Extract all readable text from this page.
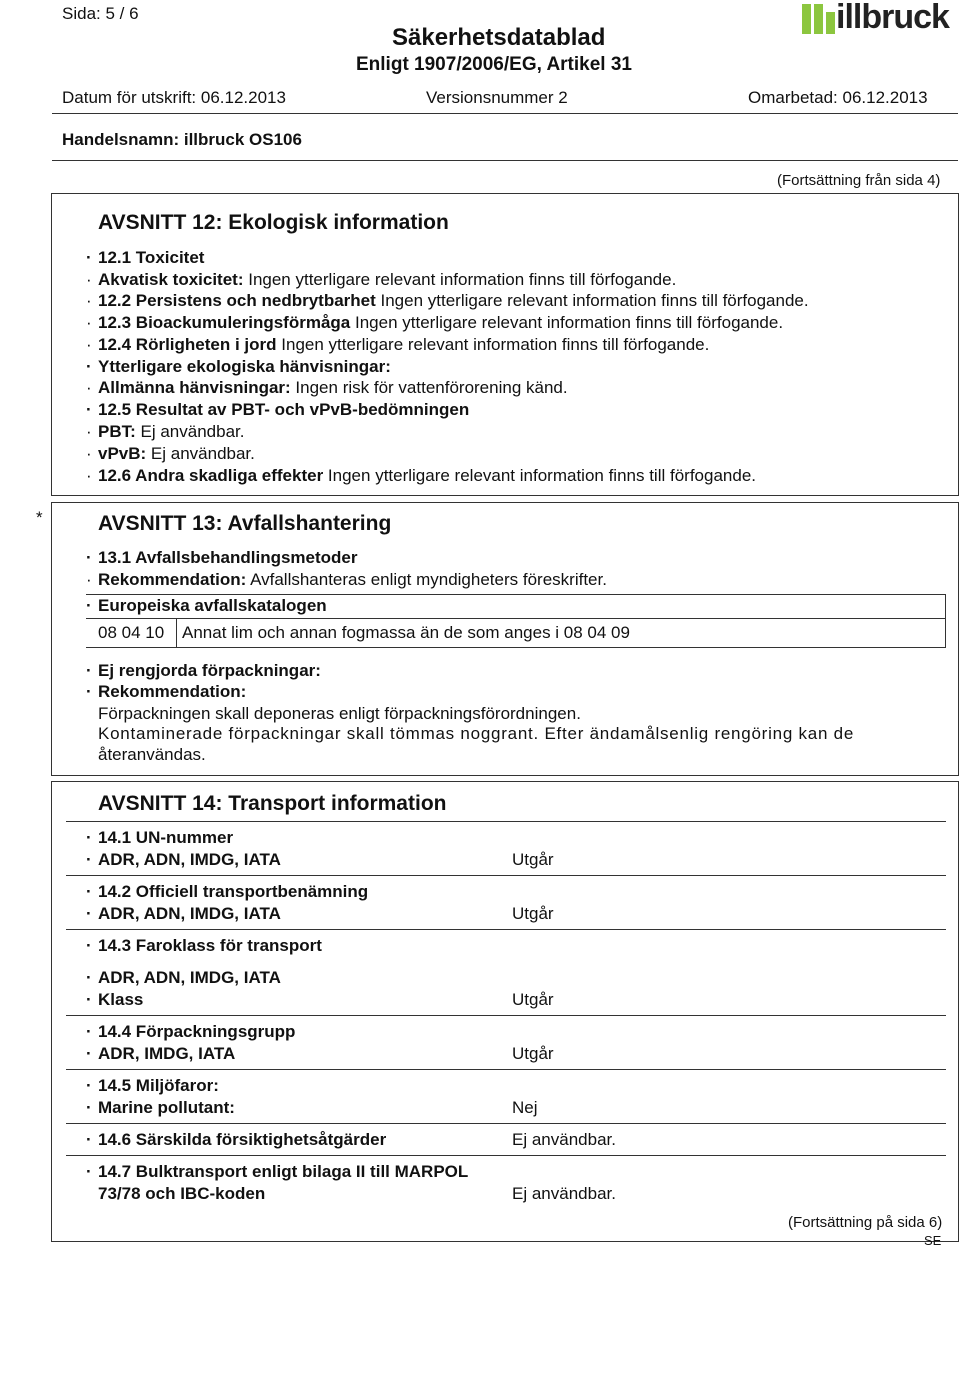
Sida: 5 / 6
Säkerhetsdatablad
Enligt 1907/2006/EG, Artikel 31
illbruck
Datum för utskrift: 06.12.2013	Versionsnummer 2	Omarbetad: 06.12.2013
Handelsnamn: illbruck OS106
(Fortsättning från sida 4)
AVSNITT 12: Ekologisk information
· 12.1 Toxicitet
· Akvatisk toxicitet: Ingen ytterligare relevant information finns till förfogande.
· 12.2 Persistens och nedbrytbarhet Ingen ytterligare relevant information finns till förfogande.
· 12.3 Bioackumuleringsförmåga Ingen ytterligare relevant information finns till förfogande.
· 12.4 Rörligheten i jord Ingen ytterligare relevant information finns till förfogande.
· Ytterligare ekologiska hänvisningar:
· Allmänna hänvisningar: Ingen risk för vattenförorening känd.
· 12.5 Resultat av PBT- och vPvB-bedömningen
· PBT: Ej användbar.
· vPvB: Ej användbar.
· 12.6 Andra skadliga effekter Ingen ytterligare relevant information finns till förfogande.
*	AVSNITT 13: Avfallshantering
· 13.1 Avfallsbehandlingsmetoder
· Rekommendation: Avfallshanteras enligt myndigheters föreskrifter.
· Europeiska avfallskatalogen
08 04 10 Annat lim och annan fogmassa än de som anges i 08 04 09
· Ej rengjorda förpackningar:
· Rekommendation:
Förpackningen skall deponeras enligt förpackningsförordningen.
Kontaminerade förpackningar skall tömmas noggrant. Efter ändamålsenlig rengöring kan de
återanvändas.
AVSNITT 14: Transport information
· 14.1 UN-nummer
· ADR, ADN, IMDG, IATA	Utgår
· 14.2 Officiell transportbenämning
· ADR, ADN, IMDG, IATA	Utgår
· 14.3 Faroklass för transport
· ADR, ADN, IMDG, IATA
· Klass	Utgår
· 14.4 Förpackningsgrupp
· ADR, IMDG, IATA	Utgår
· 14.5 Miljöfaror:
· Marine pollutant:	Nej
· 14.6 Särskilda försiktighetsåtgärder	Ej användbar.
· 14.7 Bulktransport enligt bilaga II till MARPOL
73/78 och IBC-koden	Ej användbar.
(Fortsättning på sida 6)
SE
